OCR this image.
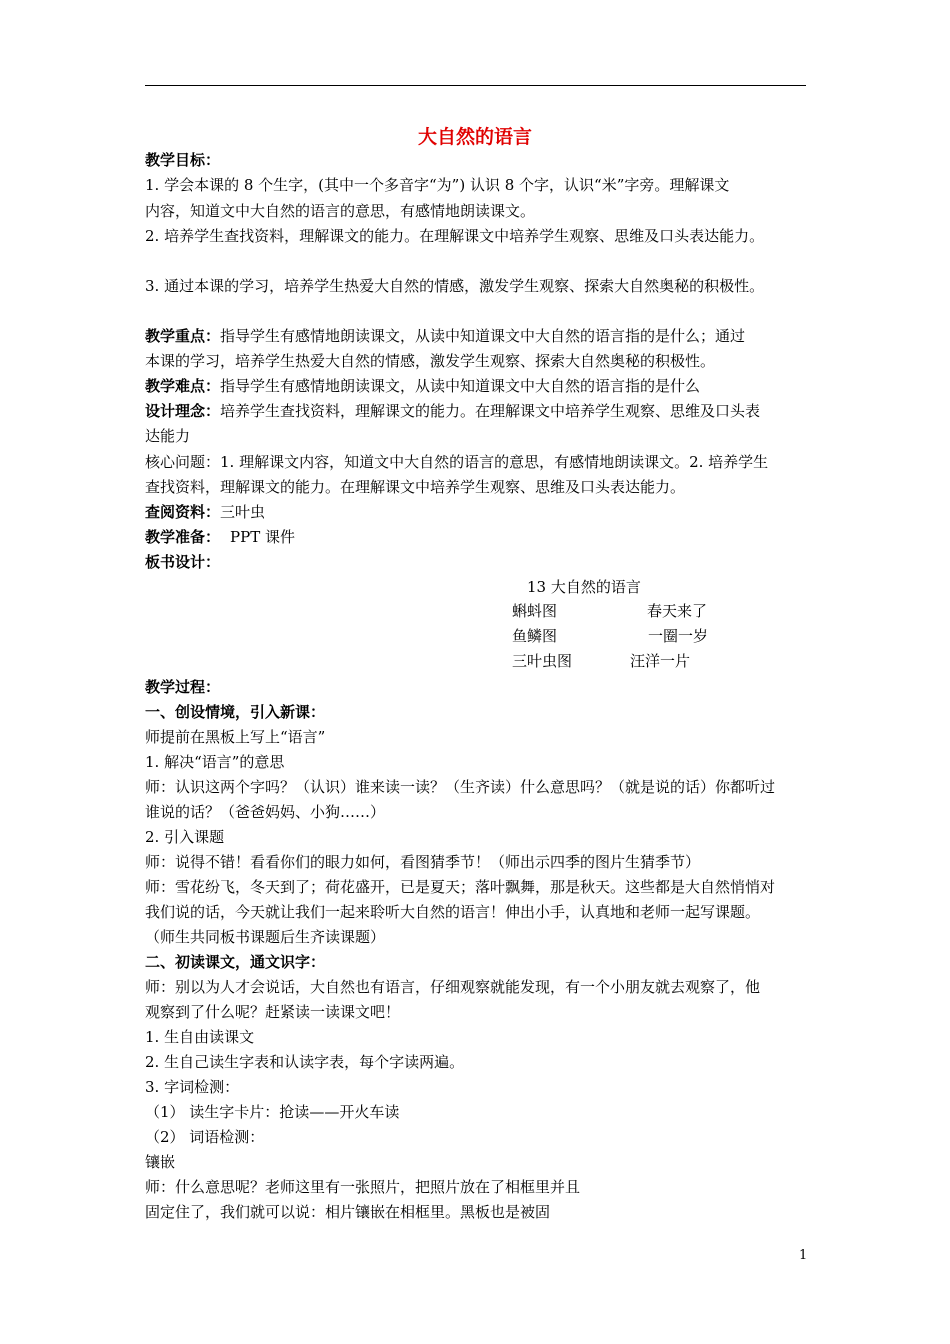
大自然的语言
教学目标：
1. 学会本课的 8 个生字，(其中一个多音字“为”) 认识 8 个字，认识“米”字旁。理解课文
内容，知道文中大自然的语言的意思，有感情地朗读课文。
2. 培养学生查找资料，理解课文的能力。在理解课文中培养学生观察、思维及口头表达能力。
3. 通过本课的学习，培养学生热爱大自然的情感，激发学生观察、探索大自然奥秘的积极性。
教学重点：指导学生有感情地朗读课文，从读中知道课文中大自然的语言指的是什么；通过
本课的学习，培养学生热爱大自然的情感，激发学生观察、探索大自然奥秘的积极性。
教学难点：指导学生有感情地朗读课文，从读中知道课文中大自然的语言指的是什么
设计理念：培养学生查找资料，理解课文的能力。在理解课文中培养学生观察、思维及口头表
达能力
核心问题：1. 理解课文内容，知道文中大自然的语言的意思，有感情地朗读课文。2. 培养学生
查找资料，理解课文的能力。在理解课文中培养学生观察、思维及口头表达能力。
查阅资料：三叶虫
教学准备： PPT 课件
板书设计：
13 大自然的语言
蝌蚪图	春天来了
鱼鳞图	一圈一岁
三叶虫图	汪洋一片
教学过程：
一、创设情境，引入新课：
师提前在黑板上写上“语言”
1. 解决“语言”的意思
师：认识这两个字吗？（认识）谁来读一读？（生齐读）什么意思吗？（就是说的话）你都听过
谁说的话？（爸爸妈妈、小狗……）
2. 引入课题
师：说得不错！看看你们的眼力如何，看图猜季节！（师出示四季的图片生猜季节）
师：雪花纷飞，冬天到了；荷花盛开，已是夏天；落叶飘舞，那是秋天。这些都是大自然悄悄对
我们说的话，今天就让我们一起来聆听大自然的语言！伸出小手，认真地和老师一起写课题。
（师生共同板书课题后生齐读课题）
二、初读课文，通文识字：
师：别以为人才会说话，大自然也有语言，仔细观察就能发现，有一个小朋友就去观察了，他
观察到了什么呢？赶紧读一读课文吧！
1. 生自由读课文
2. 生自己读生字表和认读字表，每个字读两遍。
3. 字词检测：
（1） 读生字卡片：抢读——开火车读
（2） 词语检测：
镶嵌
师：什么意思呢？老师这里有一张照片，把照片放在了相框里并且
固定住了，我们就可以说：相片镶嵌在相框里。黑板也是被固
1
